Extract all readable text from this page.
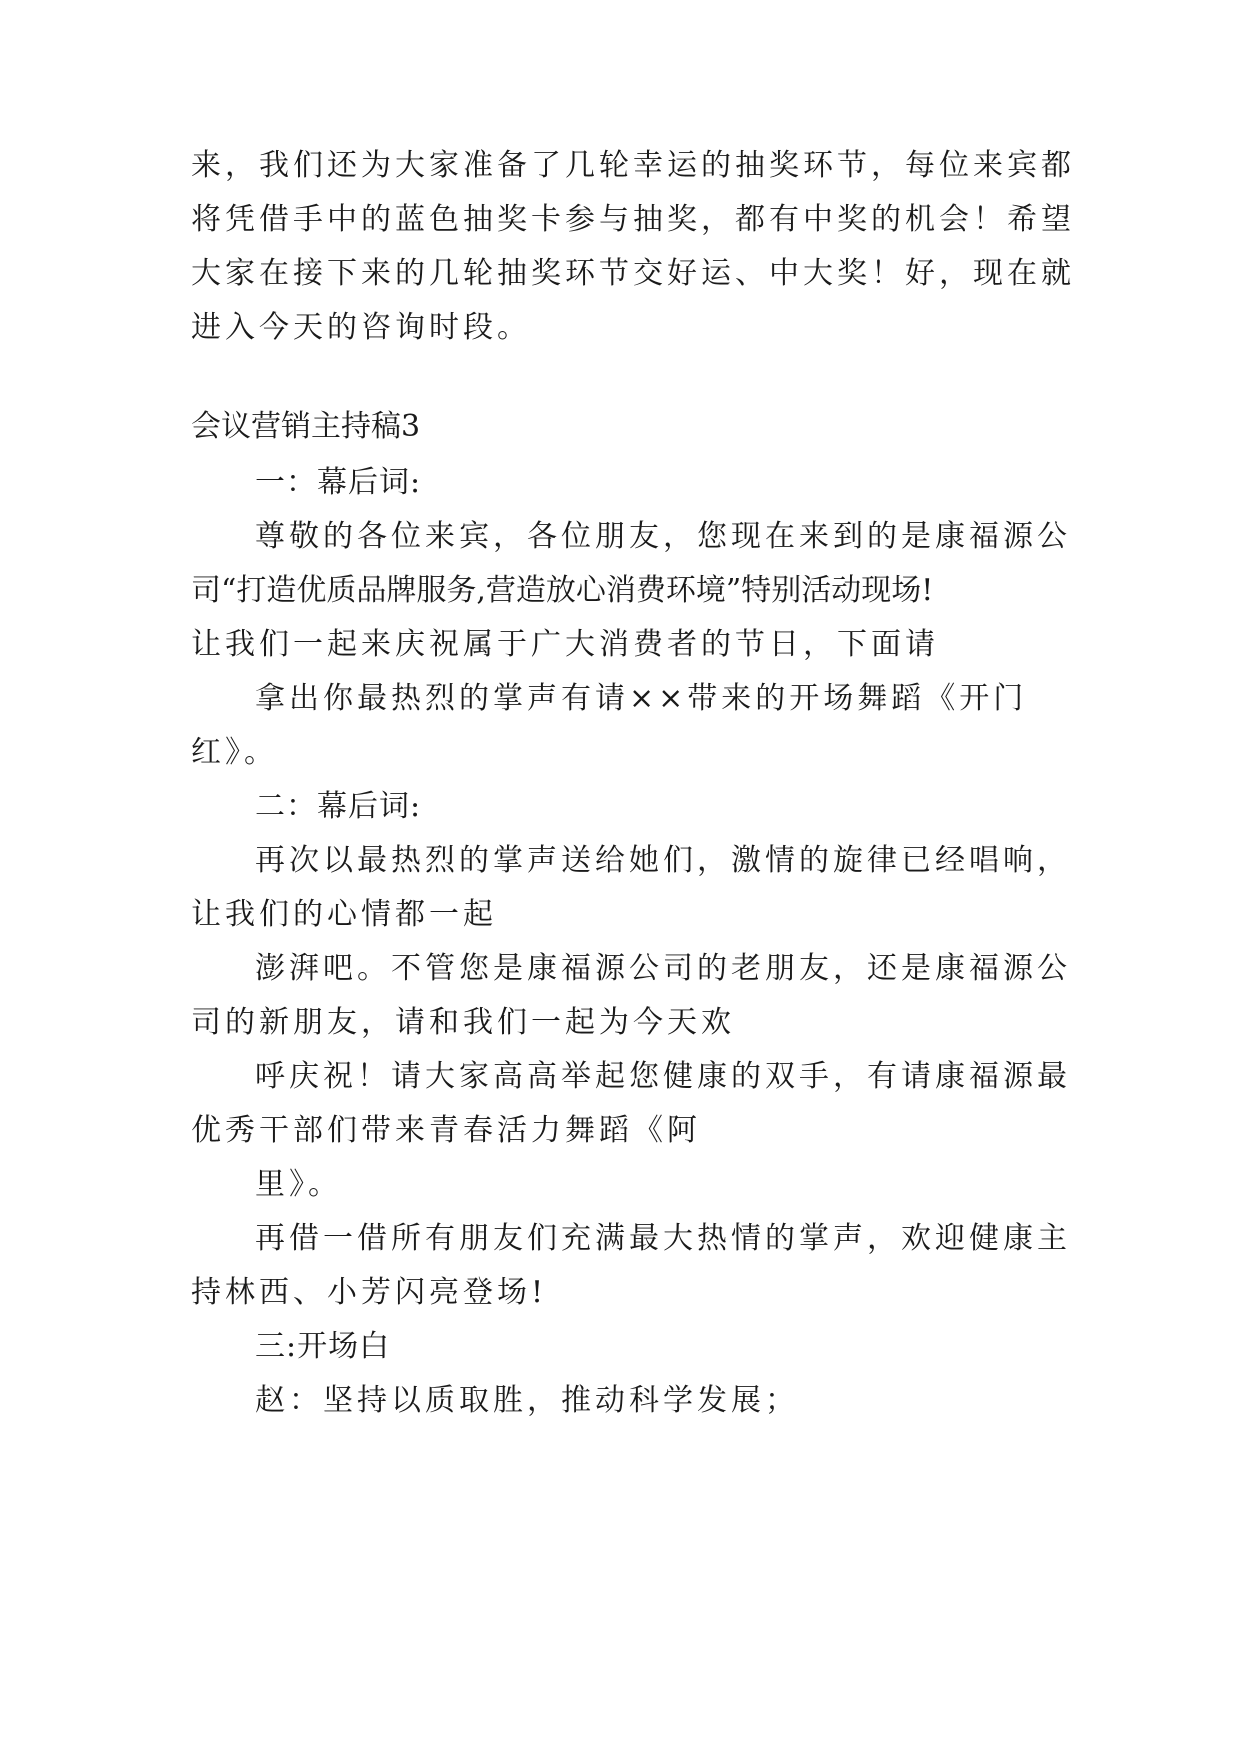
来，我们还为大家准备了几轮幸运的抽奖环节，每位来宾都
将凭借手中的蓝色抽奖卡参与抽奖，都有中奖的机会！希望
大家在接下来的几轮抽奖环节交好运、中大奖！好，现在就
进入今天的咨询时段。
会议营销主持稿3
一：幕后词:
尊敬的各位来宾，各位朋友，您现在来到的是康福源公
司“打造优质品牌服务,营造放心消费环境”特别活动现场!
让我们一起来庆祝属于广大消费者的节日，下面请
拿出你最热烈的掌声有请××带来的开场舞蹈《开门
红》。
二：幕后词:
再次以最热烈的掌声送给她们，激情的旋律已经唱响，
让我们的心情都一起
澎湃吧。不管您是康福源公司的老朋友，还是康福源公
司的新朋友，请和我们一起为今天欢
呼庆祝！请大家高高举起您健康的双手，有请康福源最
优秀干部们带来青春活力舞蹈《阿
里》。
再借一借所有朋友们充满最大热情的掌声，欢迎健康主
持林西、小芳闪亮登场!
三:开场白
赵：坚持以质取胜，推动科学发展；
